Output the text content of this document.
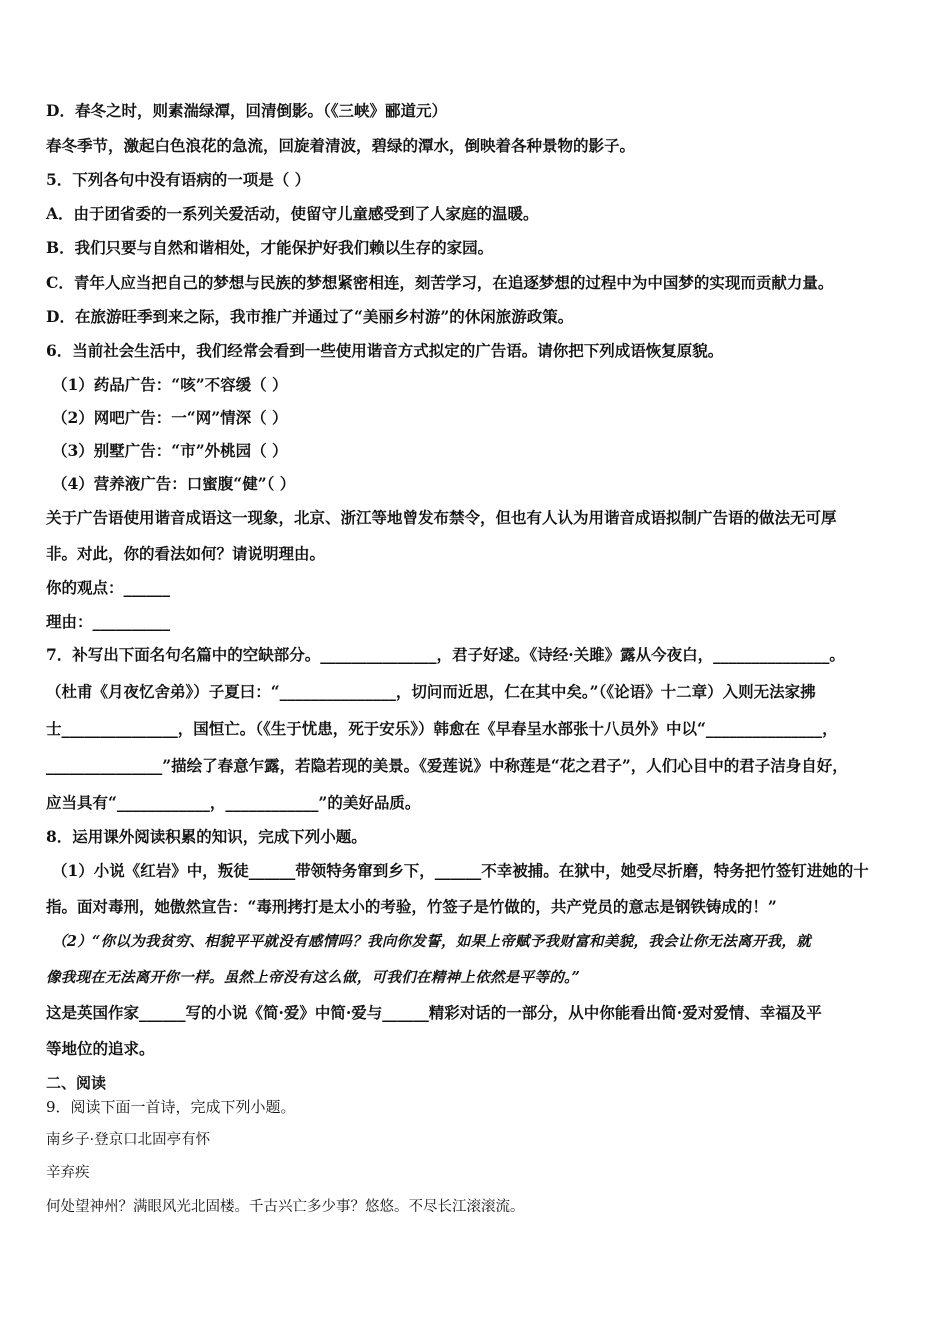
D．春冬之时，则素湍绿潭，回清倒影。（《三峡》郦道元）
春冬季节，激起白色浪花的急流，回旋着清波，碧绿的潭水，倒映着各种景物的影子。
5．下列各句中没有语病的一项是（ ）
A．由于团省委的一系列关爱活动，使留守儿童感受到了人家庭的温暖。
B．我们只要与自然和谐相处，才能保护好我们赖以生存的家园。
C．青年人应当把自己的梦想与民族的梦想紧密相连，刻苦学习，在追逐梦想的过程中为中国梦的实现而贡献力量。
D．在旅游旺季到来之际，我市推广并通过了“美丽乡村游”的休闲旅游政策。
6．当前社会生活中，我们经常会看到一些使用谐音方式拟定的广告语。请你把下列成语恢复原貌。
（1）药品广告：“咳”不容缓（ ）
（2）网吧广告：一“网”情深（ ）
（3）别墅广告：“市”外桃园（ ）
（4）营养液广告：口蜜腹“健”（ ）
关于广告语使用谐音成语这一现象，北京、浙江等地曾发布禁令，但也有人认为用谐音成语拟制广告语的做法无可厚
非。对此，你的看法如何？请说明理由。
你的观点：______
理由：__________
7．补写出下面名句名篇中的空缺部分。_______________，君子好逑。《诗经·关雎》露从今夜白，_______________。
（杜甫《月夜忆舍弟》）子夏曰：“_______________，切问而近思，仁在其中矣。”（《论语》十二章）入则无法家拂
士_______________，国恒亡。（《生于忧患，死于安乐》）韩愈在《早春呈水部张十八员外》中以“_______________，
_______________”描绘了春意乍露，若隐若现的美景。《爱莲说》中称莲是“花之君子”，人们心目中的君子洁身自好，
应当具有“____________，____________”的美好品质。
8．运用课外阅读积累的知识，完成下列小题。
（1）小说《红岩》中，叛徒______带领特务窜到乡下，______不幸被捕。在狱中，她受尽折磨，特务把竹签钉进她的十
指。面对毒刑，她傲然宣告：“毒刑拷打是太小的考验，竹签子是竹做的，共产党员的意志是钢铁铸成的！”
（2）“你以为我贫穷、相貌平平就没有感情吗？我向你发誓，如果上帝赋予我财富和美貌，我会让你无法离开我，就
像我现在无法离开你一样。虽然上帝没有这么做，可我们在精神上依然是平等的。”
这是英国作家______写的小说《简·爱》中简·爱与______精彩对话的一部分，从中你能看出简·爱对爱情、幸福及平
等地位的追求。
二、阅读
9．阅读下面一首诗，完成下列小题。
南乡子·登京口北固亭有怀
辛弃疾
何处望神州？满眼风光北固楼。千古兴亡多少事？悠悠。不尽长江滚滚流。
